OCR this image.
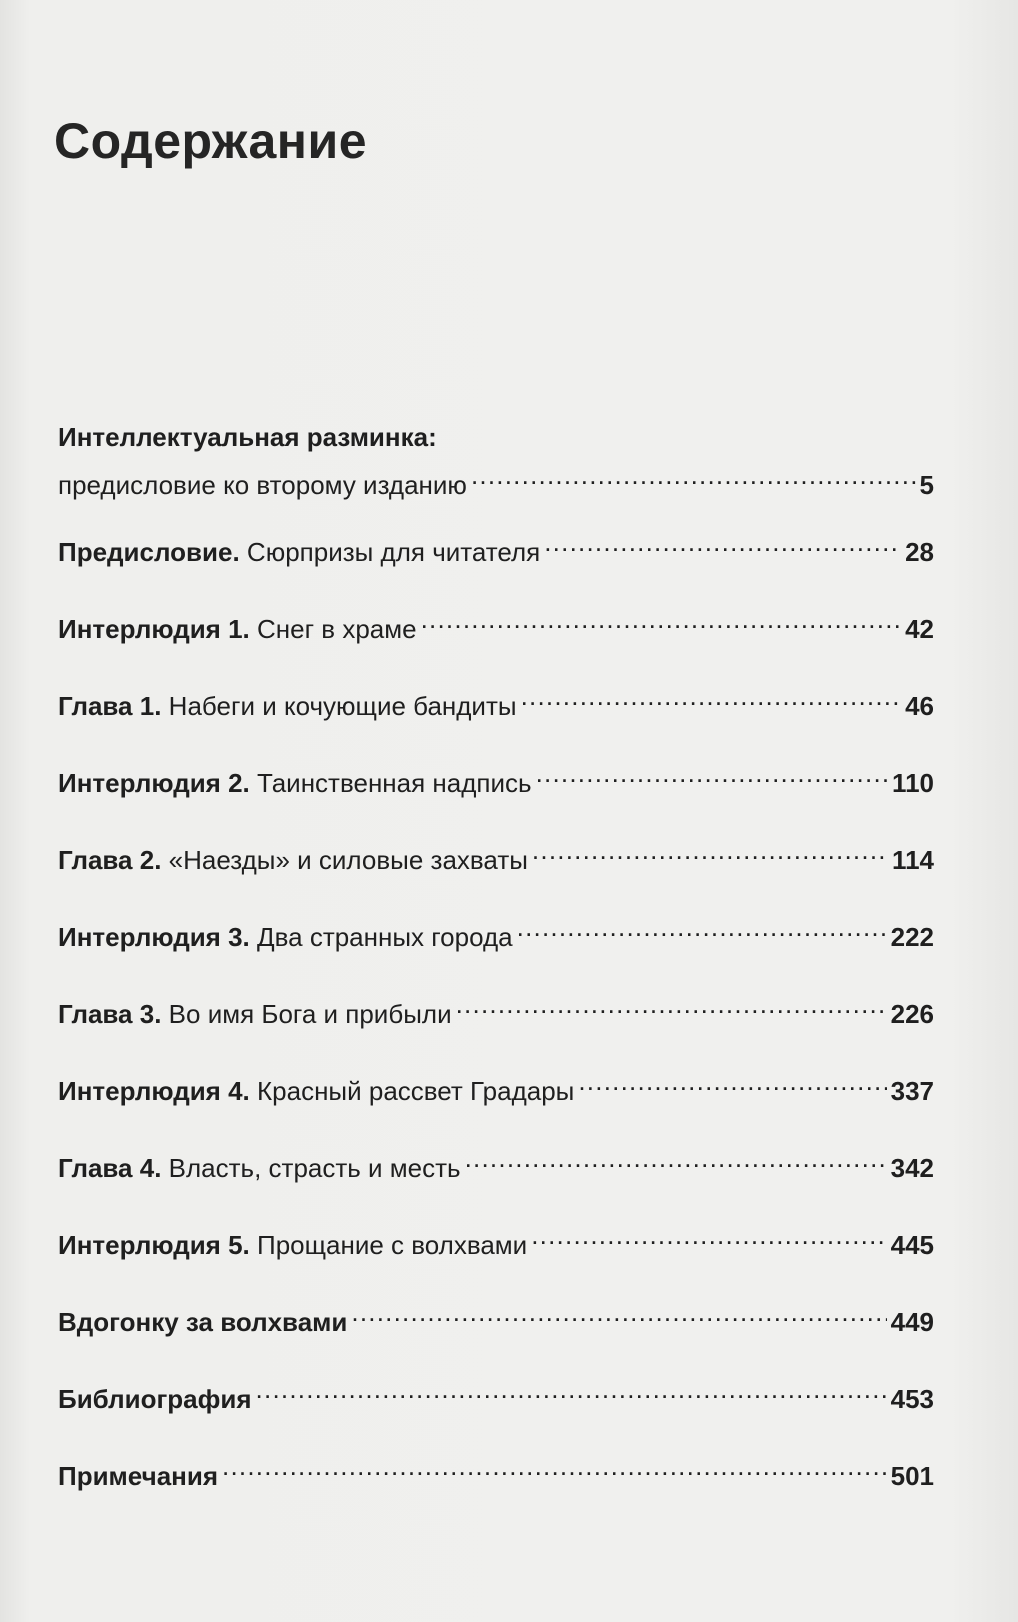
Содержание
Интеллектуальная разминка:
предисловие ко второму изданию . . .	5
Предисловие. Сюрпризы для читателя . . .	28
Интерлюдия 1. Снег в храме . . .	42
Глава 1. Набеги и кочующие бандиты . . .	46
Интерлюдия 2. Таинственная надпись . . .	110
Глава 2. «Наезды» и силовые захваты . . .	114
Интерлюдия 3. Два странных города . . .	222
Глава 3. Во имя Бога и прибыли . . .	226
Интерлюдия 4. Красный рассвет Градары . . .	337
Глава 4. Власть, страсть и месть . . .	342
Интерлюдия 5. Прощание с волхвами . . .	445
Вдогонку за волхвами . . .	449
Библиография . . .	453
Примечания . . .	501
